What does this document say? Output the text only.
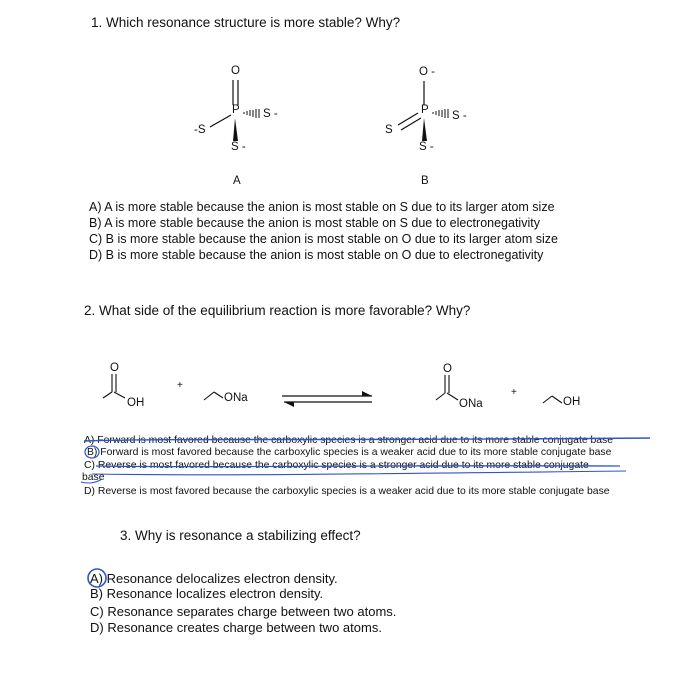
1. Which resonance structure is more stable? Why?
O
P
-S
S -
S -
A
O -
P
S
S -
S -
B
A) A is more stable because the anion is most stable on S due to its larger atom size
B) A is more stable because the anion is most stable on S due to electronegativity
C) B is more stable because the anion is most stable on O due to its larger atom size
D) B is more stable because the anion is most stable on O due to electronegativity
2. What side of the equilibrium reaction is more favorable? Why?
O
OH
+
ONa
O
ONa
+
OH
A) Forward is most favored because the carboxylic species is a stronger acid due to its more stable conjugate base
B) Forward is most favored because the carboxylic species is a weaker acid due to its more stable conjugate base
C) Reverse is most favored because the carboxylic species is a stronger acid due to its more stable conjugate
base
D) Reverse is most favored because the carboxylic species is a weaker acid due to its more stable conjugate base
3. Why is resonance a stabilizing effect?
A) Resonance delocalizes electron density.
B) Resonance localizes electron density.
C) Resonance separates charge between two atoms.
D) Resonance creates charge between two atoms.
